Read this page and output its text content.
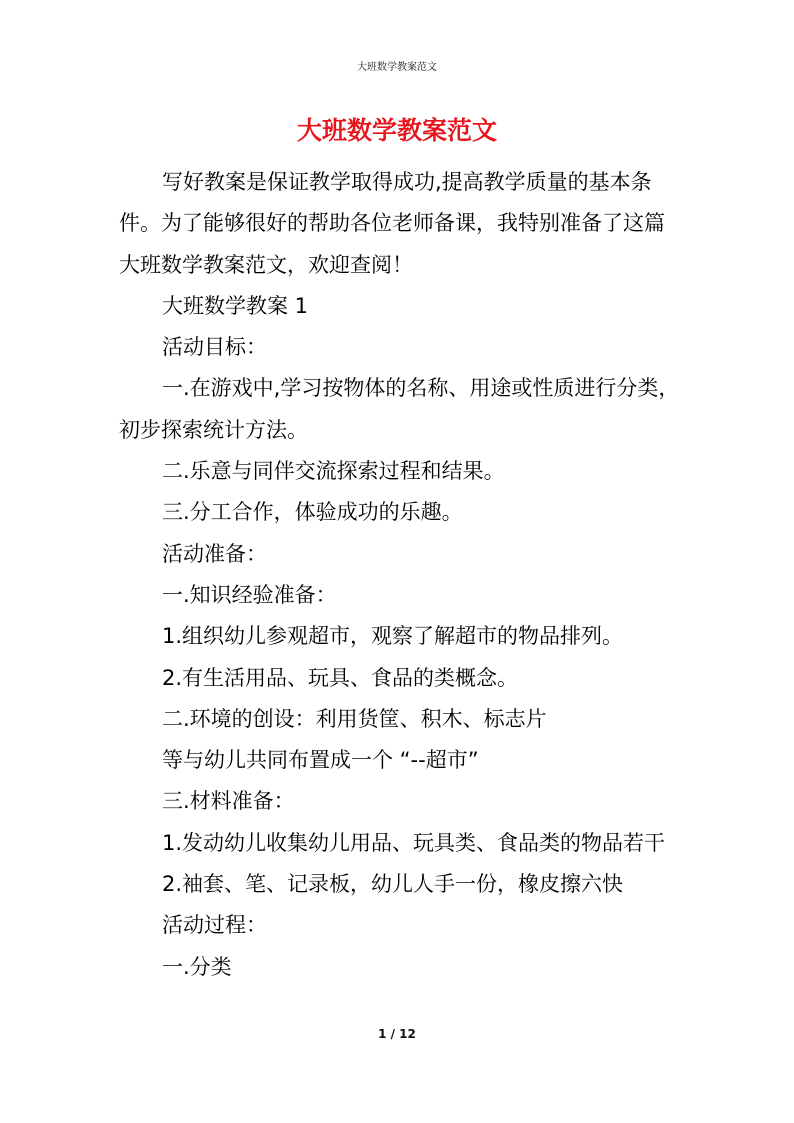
大班数学教案范文
大班数学教案范文

写好教案是保证教学取得成功,提高教学质量的基本条件。为了能够很好的帮助各位老师备课，我特别准备了这篇大班数学教案范文，欢迎查阅！

大班数学教案 1

活动目标：

一.在游戏中,学习按物体的名称、用途或性质进行分类，初步探索统计方法。

二.乐意与同伴交流探索过程和结果。

三.分工合作，体验成功的乐趣。

活动准备：

一.知识经验准备：

1.组织幼儿参观超市，观察了解超市的物品排列。

2.有生活用品、玩具、食品的类概念。

二.环境的创设：利用货筐、积木、标志片

等与幼儿共同布置成一个 “--超市”

三.材料准备：

1.发动幼儿收集幼儿用品、玩具类、食品类的物品若干

2.袖套、笔、记录板，幼儿人手一份，橡皮擦六快

活动过程：

一.分类

1 / 12
